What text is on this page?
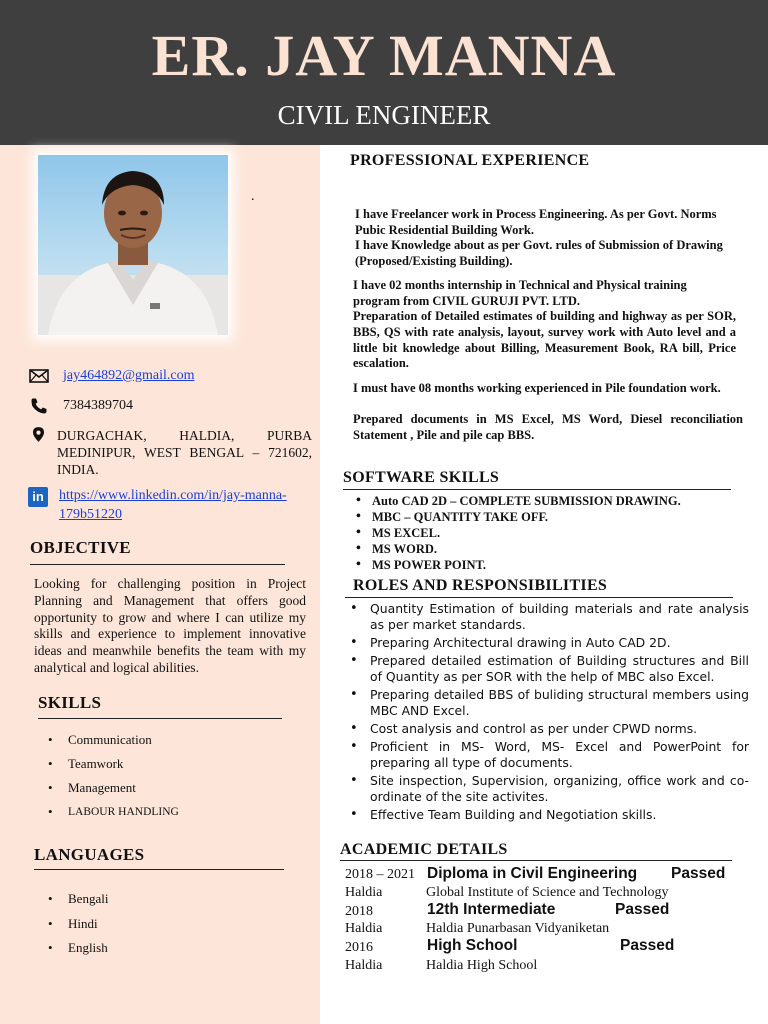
ER. JAY MANNA
CIVIL ENGINEER
.
jay464892@gmail.com
7384389704
DURGACHAK, HALDIA, PURBA MEDINIPUR, WEST BENGAL – 721602, INDIA.
in	https://www.linkedin.com/in/jay-manna-
179b51220
OBJECTIVE
Looking for challenging position in Project Planning and Management that offers good opportunity to grow and where I can utilize my skills and experience to implement innovative ideas and meanwhile benefits the team with my analytical and logical abilities.
SKILLS
• Communication
• Teamwork
• Management
• LABOUR HANDLING
LANGUAGES
• Bengali
• Hindi
• English
PROFESSIONAL EXPERIENCE
I have Freelancer work in Process Engineering. As per Govt. Norms Pubic Residential Building Work.
I have Knowledge about as per Govt. rules of Submission of Drawing (Proposed/Existing Building).
I have 02 months internship in Technical and Physical training program from CIVIL GURUJI PVT. LTD.
Preparation of Detailed estimates of building and highway as per SOR, BBS, QS with rate analysis, layout, survey work with Auto level and a little bit knowledge about Billing, Measurement Book, RA bill, Price escalation.
I must have 08 months working experienced in Pile foundation work.
Prepared documents in MS Excel, MS Word, Diesel reconciliation Statement , Pile and pile cap BBS.
SOFTWARE SKILLS
• Auto CAD 2D – COMPLETE SUBMISSION DRAWING.
• MBC – QUANTITY TAKE OFF.
• MS EXCEL.
• MS WORD.
• MS POWER POINT.
ROLES AND RESPONSIBILITIES
• Quantity Estimation of building materials and rate analysis as per market standards.
• Preparing Architectural drawing in Auto CAD 2D.
• Prepared detailed estimation of Building structures and Bill of Quantity as per SOR with the help of MBC also Excel.
• Preparing detailed BBS of buliding structural members using MBC AND Excel.
• Cost analysis and control as per under CPWD norms.
• Proficient in MS- Word, MS- Excel and PowerPoint for preparing all type of documents.
• Site inspection, Supervision, organizing, office work and co-ordinate of the site activites.
• Effective Team Building and Negotiation skills.
ACADEMIC DETAILS
2018 – 2021 Diploma in Civil Engineering Passed
Haldia	Global Institute of Science and Technology
2018	12th Intermediate	Passed
Haldia	Haldia Punarbasan Vidyaniketan
2016	High School	Passed
Haldia	Haldia High School
